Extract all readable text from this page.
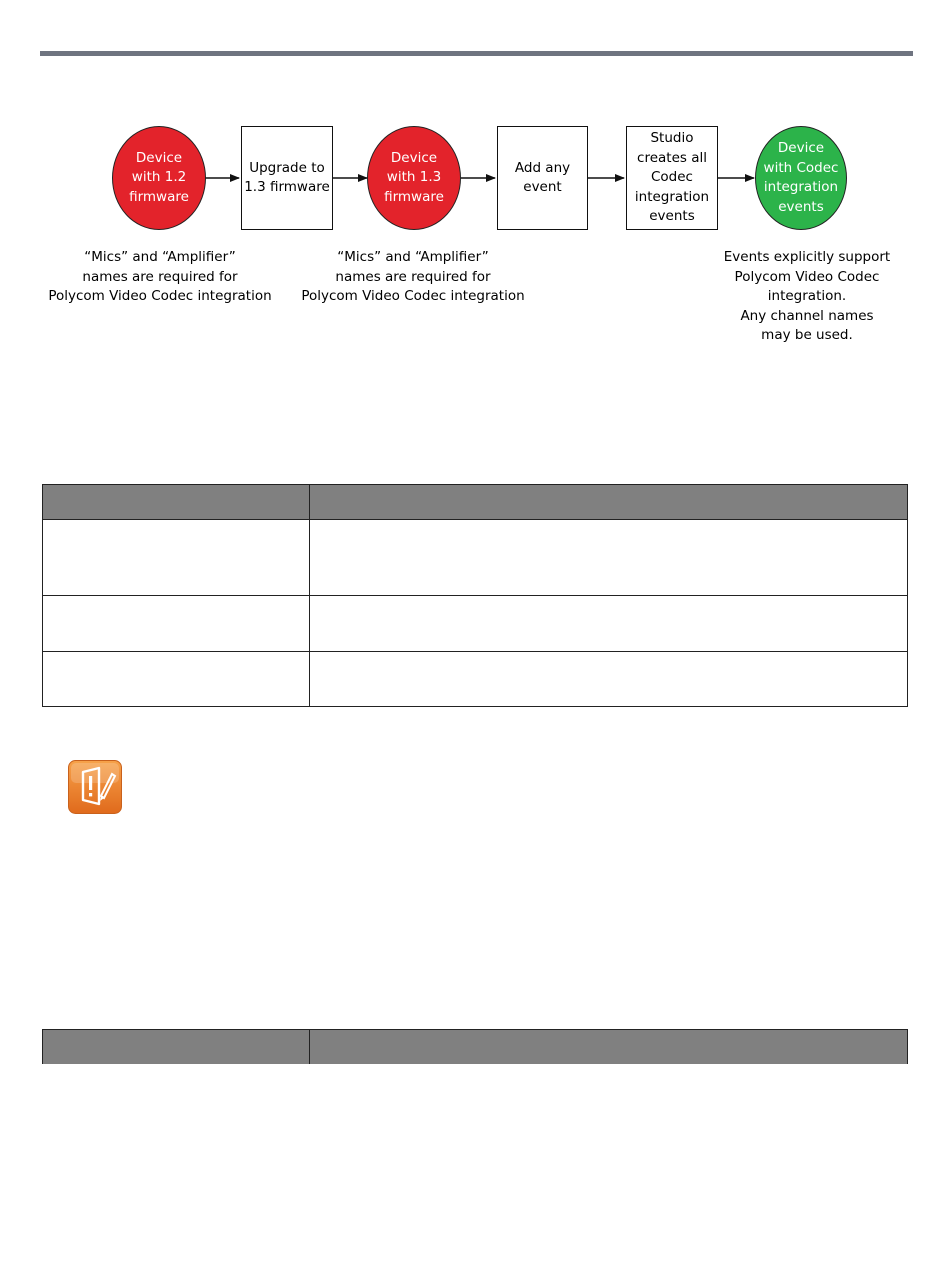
Device
with 1.2
firmware
Upgrade to
1.3 firmware
Device
with 1.3
firmware
Add any
event
Studio
creates all
Codec
integration
events
Device
with Codec
integration
events
“Mics” and “Amplifier”
names are required for
Polycom Video Codec integration
“Mics” and “Amplifier”
names are required for
Polycom Video Codec integration
Events explicitly support
Polycom Video Codec integration.
Any channel names
may be used.
